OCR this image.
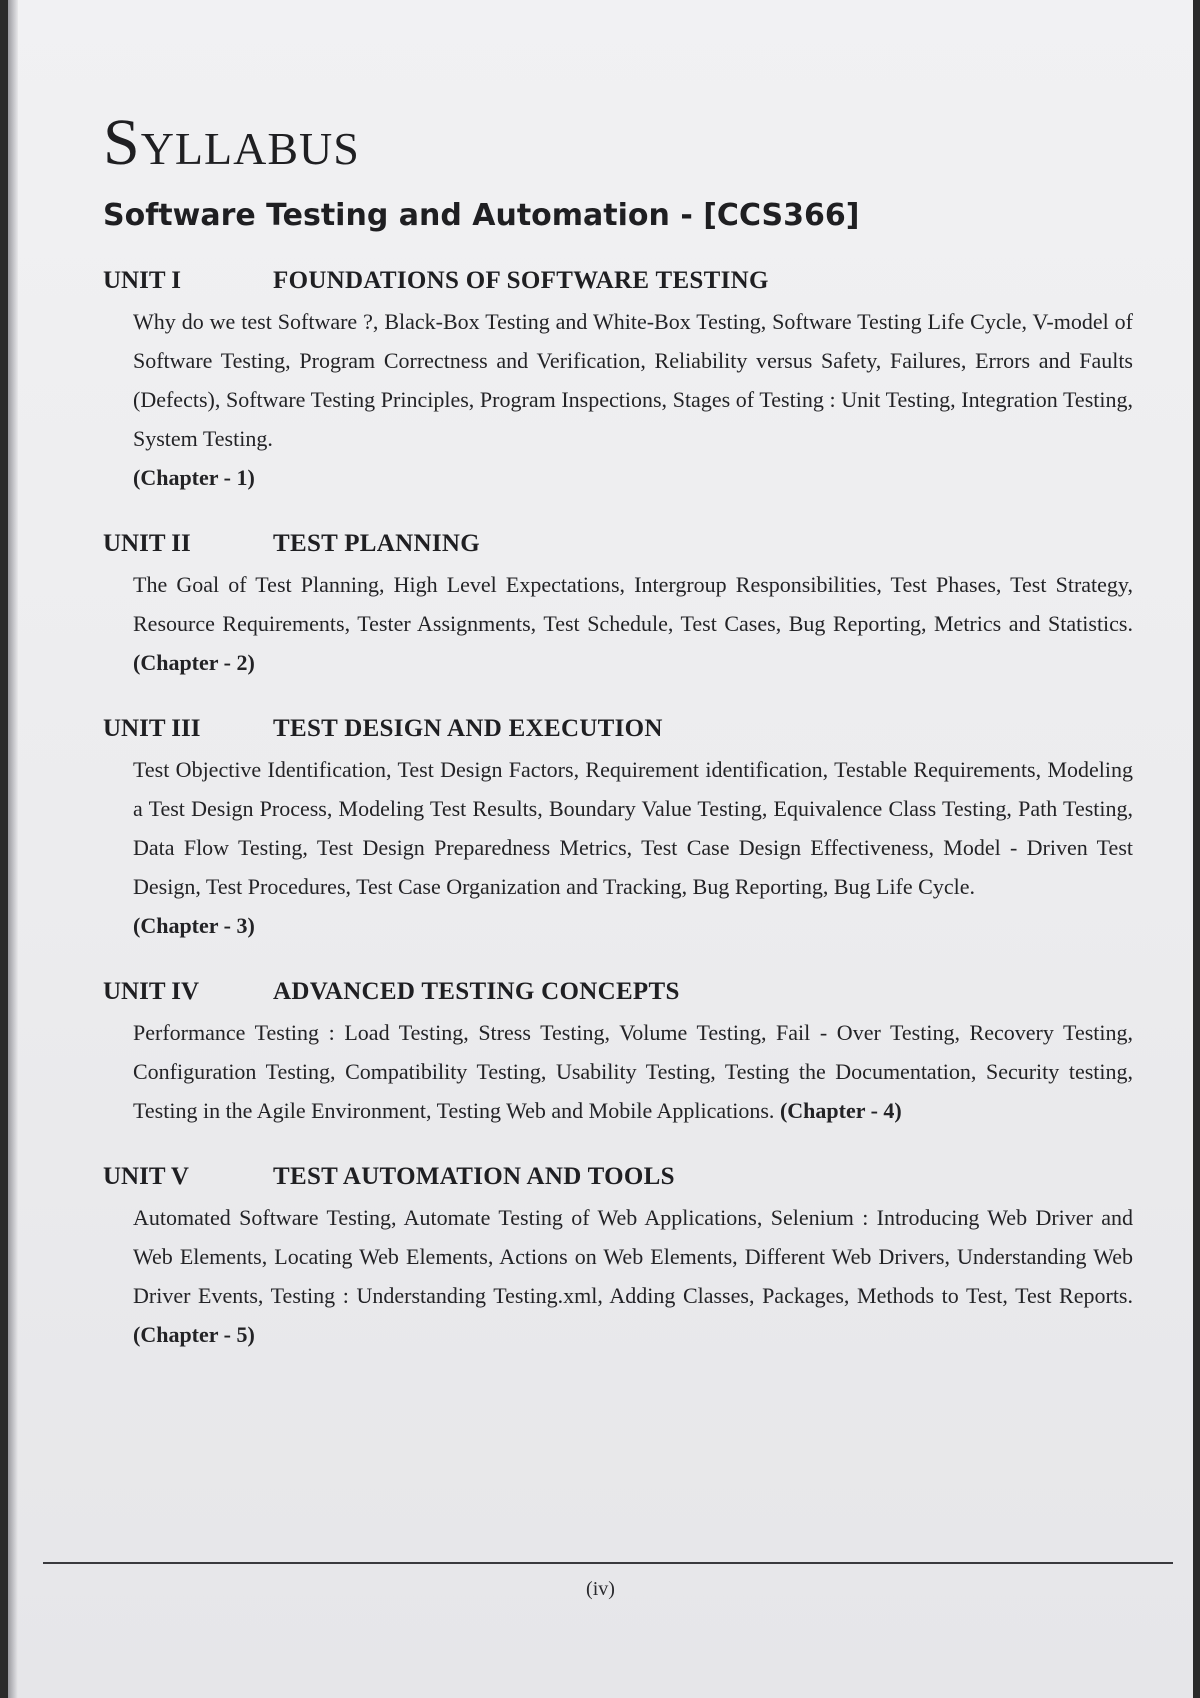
Syllabus
Software Testing and Automation - [CCS366]
UNIT I	FOUNDATIONS OF SOFTWARE TESTING
Why do we test Software ?, Black-Box Testing and White-Box Testing, Software Testing Life Cycle, V-model of Software Testing, Program Correctness and Verification, Reliability versus Safety, Failures, Errors and Faults (Defects), Software Testing Principles, Program Inspections, Stages of Testing : Unit Testing, Integration Testing, System Testing.
(Chapter - 1)
UNIT II	TEST PLANNING
The Goal of Test Planning, High Level Expectations, Intergroup Responsibilities, Test Phases, Test Strategy, Resource Requirements, Tester Assignments, Test Schedule, Test Cases, Bug Reporting, Metrics and Statistics. (Chapter - 2)
UNIT III	TEST DESIGN AND EXECUTION
Test Objective Identification, Test Design Factors, Requirement identification, Testable Requirements, Modeling a Test Design Process, Modeling Test Results, Boundary Value Testing, Equivalence Class Testing, Path Testing, Data Flow Testing, Test Design Preparedness Metrics, Test Case Design Effectiveness, Model - Driven Test Design, Test Procedures, Test Case Organization and Tracking, Bug Reporting, Bug Life Cycle.
(Chapter - 3)
UNIT IV	ADVANCED TESTING CONCEPTS
Performance Testing : Load Testing, Stress Testing, Volume Testing, Fail - Over Testing, Recovery Testing, Configuration Testing, Compatibility Testing, Usability Testing, Testing the Documentation, Security testing, Testing in the Agile Environment, Testing Web and Mobile Applications. (Chapter - 4)
UNIT V	TEST AUTOMATION AND TOOLS
Automated Software Testing, Automate Testing of Web Applications, Selenium : Introducing Web Driver and Web Elements, Locating Web Elements, Actions on Web Elements, Different Web Drivers, Understanding Web Driver Events, Testing : Understanding Testing.xml, Adding Classes, Packages, Methods to Test, Test Reports. (Chapter - 5)
(iv)
